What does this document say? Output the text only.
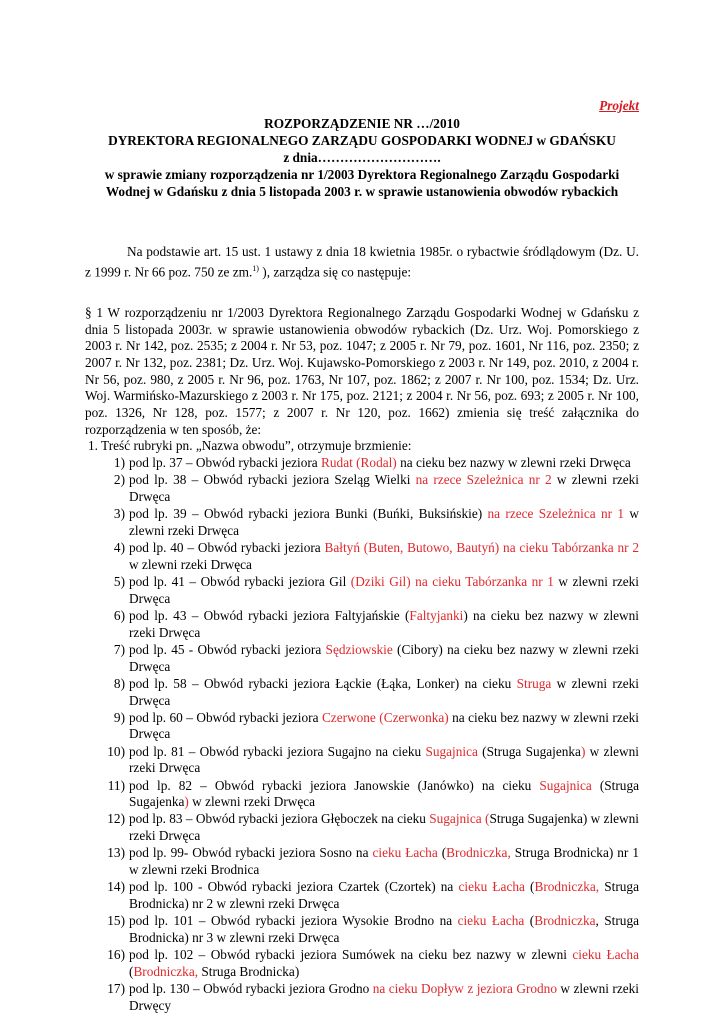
Projekt
ROZPORZĄDZENIE NR …/2010
DYREKTORA REGIONALNEGO ZARZĄDU GOSPODARKI WODNEJ w GDAŃSKU
z dnia……………………….
w sprawie zmiany rozporządzenia nr 1/2003 Dyrektora Regionalnego Zarządu Gospodarki
Wodnej w Gdańsku z dnia 5 listopada 2003 r. w sprawie ustanowienia obwodów rybackich
Na podstawie art. 15 ust. 1 ustawy z dnia 18 kwietnia 1985r. o rybactwie śródlądowym (Dz. U. z 1999 r. Nr 66 poz. 750 ze zm.$^{1)}$ ), zarządza się co następuje:
§ 1 W rozporządzeniu nr 1/2003 Dyrektora Regionalnego Zarządu Gospodarki Wodnej w Gdańsku z dnia 5 listopada 2003r. w sprawie ustanowienia obwodów rybackich (Dz. Urz. Woj. Pomorskiego z 2003 r. Nr 142, poz. 2535; z 2004 r. Nr 53, poz. 1047; z 2005 r. Nr 79, poz. 1601, Nr 116, poz. 2350; z 2007 r. Nr 132, poz. 2381; Dz. Urz. Woj. Kujawsko-Pomorskiego z 2003 r. Nr 149, poz. 2010, z 2004 r. Nr 56, poz. 980, z 2005 r. Nr 96, poz. 1763, Nr 107, poz. 1862; z 2007 r. Nr 100, poz. 1534; Dz. Urz. Woj. Warmińsko-Mazurskiego z 2003 r. Nr 175, poz. 2121; z 2004 r. Nr 56, poz. 693; z 2005 r. Nr 100, poz. 1326, Nr 128, poz. 1577; z 2007 r. Nr 120, poz. 1662) zmienia się treść załącznika do rozporządzenia w ten sposób, że:
1. Treść rubryki pn. „Nazwa obwodu”, otrzymuje brzmienie:
1) pod lp. 37 – Obwód rybacki jeziora Rudat (Rodal) na cieku bez nazwy w zlewni rzeki Drwęca
2) pod lp. 38 – Obwód rybacki jeziora Szeląg Wielki na rzece Szeleżnica nr 2 w zlewni rzeki Drwęca
3) pod lp. 39 – Obwód rybacki jeziora Bunki (Buńki, Buksińskie) na rzece Szeleżnica nr 1 w zlewni rzeki Drwęca
4) pod lp. 40 – Obwód rybacki jeziora Bałtyń (Buten, Butowo, Bautyń) na cieku Tabórzanka nr 2 w zlewni rzeki Drwęca
5) pod lp. 41 – Obwód rybacki jeziora Gil (Dziki Gil) na cieku Tabórzanka nr 1 w zlewni rzeki Drwęca
6) pod lp. 43 – Obwód rybacki jeziora Faltyjańskie (Faltyjanki) na cieku bez nazwy w zlewni rzeki Drwęca
7) pod lp. 45 - Obwód rybacki jeziora Sędziowskie (Cibory) na cieku bez nazwy w zlewni rzeki Drwęca
8) pod lp. 58 – Obwód rybacki jeziora Łąckie (Łąka, Lonker) na cieku Struga w zlewni rzeki Drwęca
9) pod lp. 60 – Obwód rybacki jeziora Czerwone (Czerwonka) na cieku bez nazwy w zlewni rzeki Drwęca
10) pod lp. 81 – Obwód rybacki jeziora Sugajno na cieku Sugajnica (Struga Sugajenka) w zlewni rzeki Drwęca
11) pod lp. 82 – Obwód rybacki jeziora Janowskie (Janówko) na cieku Sugajnica (Struga Sugajenka) w zlewni rzeki Drwęca
12) pod lp. 83 – Obwód rybacki jeziora Głęboczek na cieku Sugajnica (Struga Sugajenka) w zlewni rzeki Drwęca
13) pod lp. 99- Obwód rybacki jeziora Sosno na cieku Łacha (Brodniczka, Struga Brodnicka) nr 1 w zlewni rzeki Brodnica
14) pod lp. 100 - Obwód rybacki jeziora Czartek (Czortek) na cieku Łacha (Brodniczka, Struga Brodnicka) nr 2 w zlewni rzeki Drwęca
15) pod lp. 101 – Obwód rybacki jeziora Wysokie Brodno na cieku Łacha (Brodniczka, Struga Brodnicka) nr 3 w zlewni rzeki Drwęca
16) pod lp. 102 – Obwód rybacki jeziora Sumówek na cieku bez nazwy w zlewni cieku Łacha (Brodniczka, Struga Brodnicka)
17) pod lp. 130 – Obwód rybacki jeziora Grodno na cieku Dopływ z jeziora Grodno w zlewni rzeki Drwęcy
